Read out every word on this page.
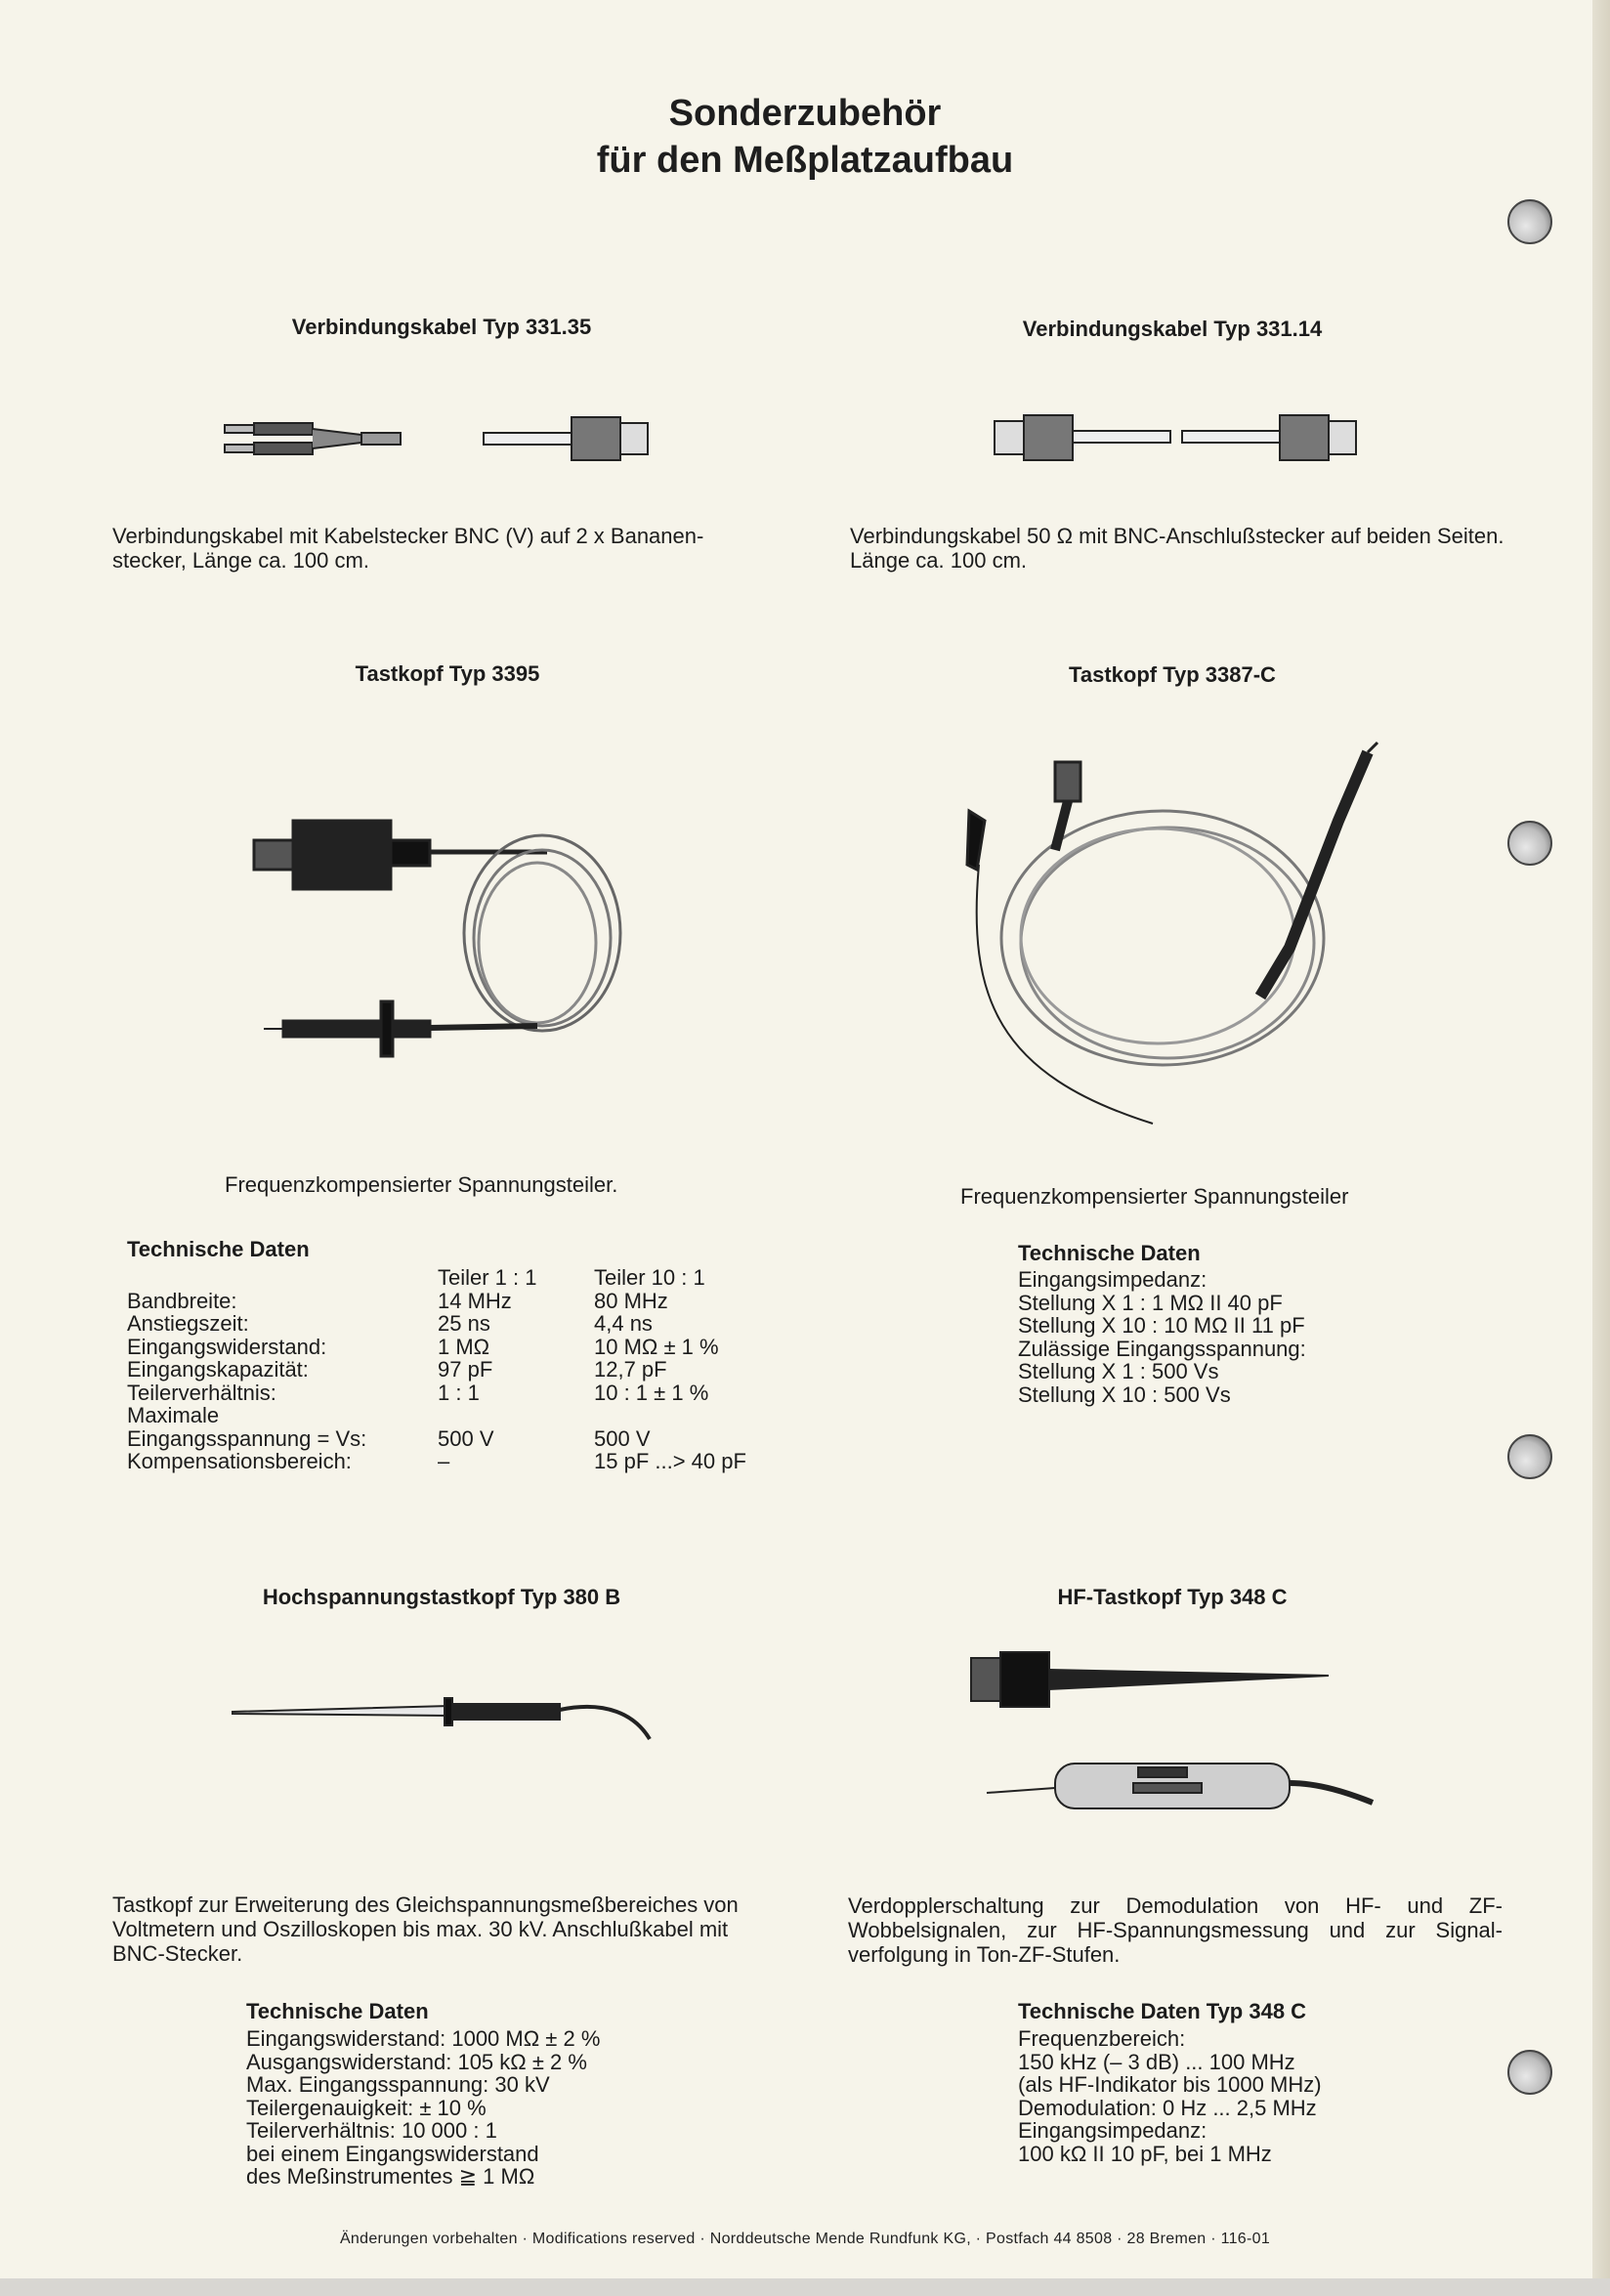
Sonderzubehör
für den Meßplatzaufbau
Verbindungskabel Typ 331.35
Verbindungskabel mit Kabelstecker BNC (V) auf 2 x Bananen-stecker, Länge ca. 100 cm.
Verbindungskabel Typ 331.14
Verbindungskabel 50 Ω mit BNC-Anschlußstecker auf beiden Seiten. Länge ca. 100 cm.
Tastkopf Typ 3395
Frequenzkompensierter Spannungsteiler.
Technische Daten
	Teiler 1 : 1	Teiler 10 : 1
Bandbreite:	14 MHz	80 MHz
Anstiegszeit:	25 ns	4,4 ns
Eingangswiderstand:	1 MΩ	10 MΩ ± 1 %
Eingangskapazität:	97 pF	12,7 pF
Teilerverhältnis:	1 : 1	10 : 1 ± 1 %
Maximale		
Eingangsspannung = Vs:	500 V	500 V
Kompensationsbereich:	–	15 pF ...> 40 pF
Tastkopf Typ 3387-C
Frequenzkompensierter Spannungsteiler
Technische Daten
Eingangsimpedanz:
Stellung X 1 : 1 MΩ II 40 pF
Stellung X 10 : 10 MΩ II 11 pF
Zulässige Eingangsspannung:
Stellung X 1 : 500 Vs
Stellung X 10 : 500 Vs
Hochspannungstastkopf Typ 380 B
Tastkopf zur Erweiterung des Gleichspannungsmeßbereiches von Voltmetern und Oszilloskopen bis max. 30 kV. Anschlußkabel mit BNC-Stecker.
Technische Daten
Eingangswiderstand: 1000 MΩ ± 2 %
Ausgangswiderstand: 105 kΩ ± 2 %
Max. Eingangsspannung: 30 kV
Teilergenauigkeit: ± 10 %
Teilerverhältnis: 10 000 : 1
bei einem Eingangswiderstand
des Meßinstrumentes ≧ 1 MΩ
HF-Tastkopf Typ 348 C
Verdopplerschaltung zur Demodulation von HF- und ZF-Wobbelsignalen, zur HF-Spannungsmessung und zur Signal-verfolgung in Ton-ZF-Stufen.
Technische Daten Typ 348 C
Frequenzbereich:
150 kHz (– 3 dB) ... 100 MHz
(als HF-Indikator bis 1000 MHz)
Demodulation: 0 Hz ... 2,5 MHz
Eingangsimpedanz:
100 kΩ II 10 pF, bei 1 MHz
Änderungen vorbehalten · Modifications reserved · Norddeutsche Mende Rundfunk KG, · Postfach 44 8508 · 28 Bremen · 116-01
